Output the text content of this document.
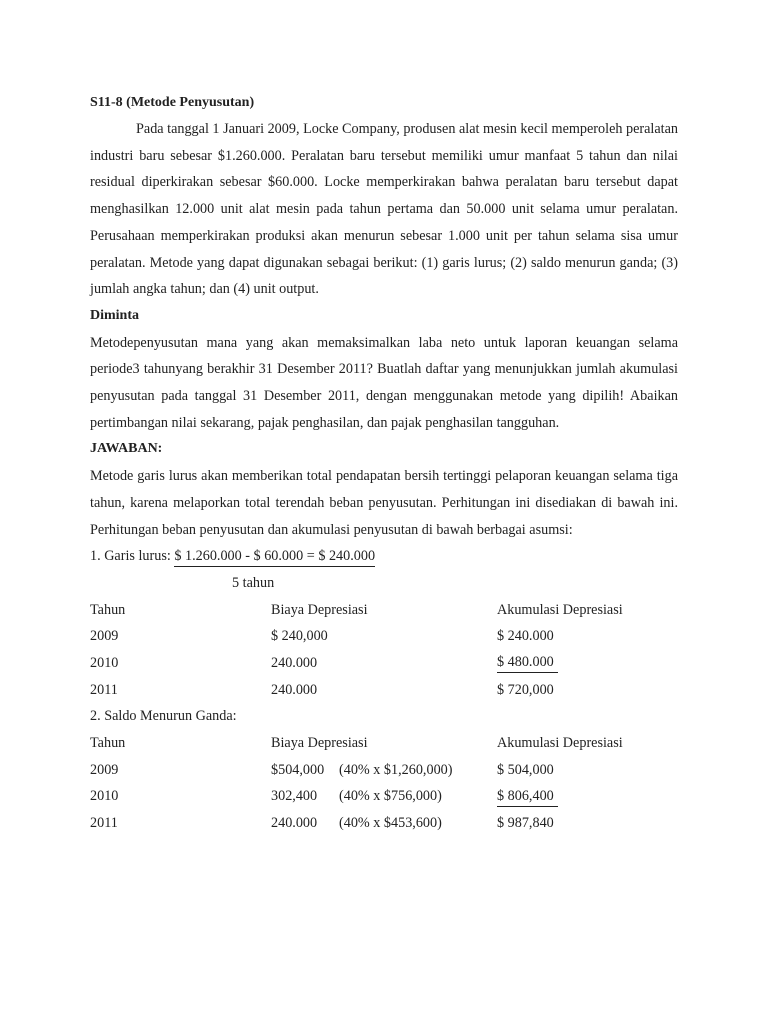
S11-8 (Metode Penyusutan)

Pada tanggal 1 Januari 2009, Locke Company, produsen alat mesin kecil memperoleh peralatan industri baru sebesar $1.260.000. Peralatan baru tersebut memiliki umur manfaat 5 tahun dan nilai residual diperkirakan sebesar $60.000. Locke memperkirakan bahwa peralatan baru tersebut dapat menghasilkan 12.000 unit alat mesin pada tahun pertama dan 50.000 unit selama umur peralatan. Perusahaan memperkirakan produksi akan menurun sebesar 1.000 unit per tahun selama sisa umur peralatan. Metode yang dapat digunakan sebagai berikut: (1) garis lurus; (2) saldo menurun ganda; (3) jumlah angka tahun; dan (4) unit output.

Diminta

Metodepenyusutan mana yang akan memaksimalkan laba neto untuk laporan keuangan selama periode3 tahunyang berakhir 31 Desember 2011? Buatlah daftar yang menunjukkan jumlah akumulasi penyusutan pada tanggal 31 Desember 2011, dengan menggunakan metode yang dipilih! Abaikan pertimbangan nilai sekarang, pajak penghasilan, dan pajak penghasilan tangguhan.

JAWABAN:

Metode garis lurus akan memberikan total pendapatan bersih tertinggi pelaporan keuangan selama tiga tahun, karena melaporkan total terendah beban penyusutan. Perhitungan ini disediakan di bawah ini. Perhitungan beban penyusutan dan akumulasi penyusutan di bawah berbagai asumsi:

1. Garis lurus: $ 1.260.000 - $ 60.000 = $ 240.000
5 tahun
Tahun	Biaya Depresiasi	Akumulasi Depresiasi
2009	$ 240,000	$ 240.000
2010	240.000	$ 480.000
2011	240.000	$ 720,000
2. Saldo Menurun Ganda:
Tahun	Biaya Depresiasi	Akumulasi Depresiasi
2009	$504,000 (40% x $1,260,000)	$ 504,000
2010	302,400 (40% x $756,000)	$ 806,400
2011	240.000 (40% x $453,600)	$ 987,840
